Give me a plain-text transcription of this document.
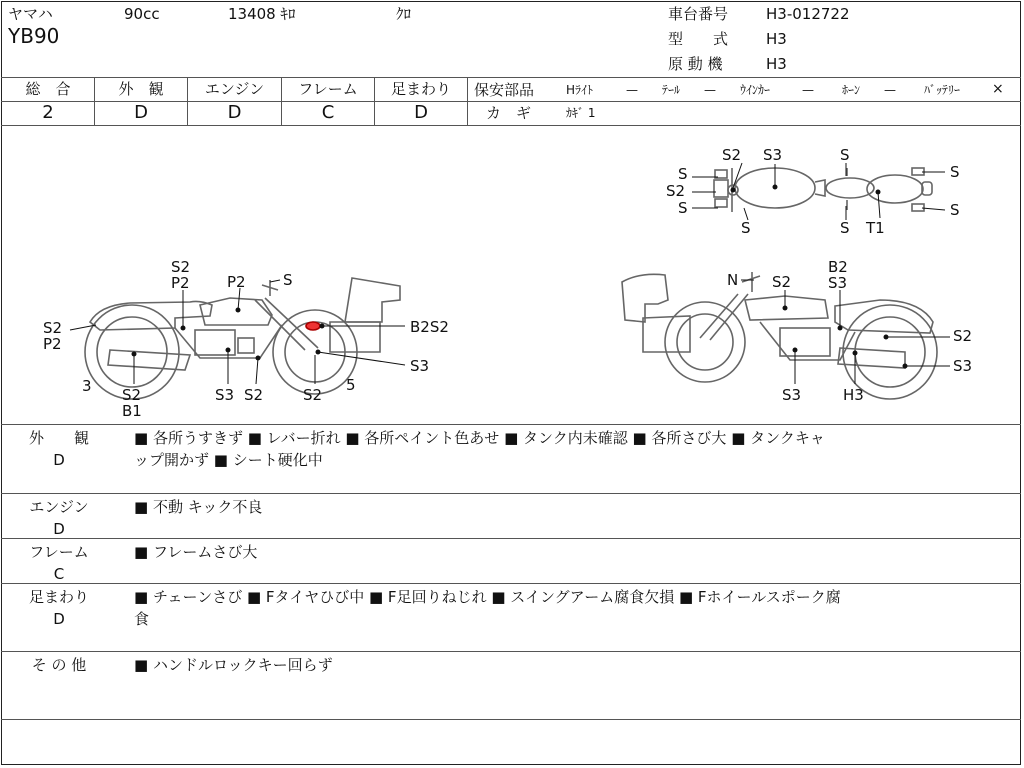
ヤマハ	90cc	13408 ｷﾛ	ｸﾛ
YB90
車台番号	H3-012722
型　　式	H3
原 動 機	H3
総　合	外　観	エンジン	フレーム	足まわり
2	D	D	C	D
保安部品	Hﾗｲﾄ	— ﾃｰﾙ — ｳｲﾝｶｰ	— ﾎｰﾝ — ﾊﾞｯﾃﾘｰ ×
カ　ギ	ｶｷﾞ 1
S
S2
S
S2 S3	S
S
S
S	S T1
S2
P2
S2
P2 P2 S
B2S2
S3
5
S2
S3 S2
3 S2
B1
N S2
B2
S3
S2
S3
S3	H3
外　　観
D
■ 各所うすきず ■ レバー折れ ■ 各所ペイント色あせ ■ タンク内未確認 ■ 各所さび大 ■ タンクキャ
ップ開かず ■ シート硬化中
エンジン
D
■ 不動 キック不良
フレーム
C
■ フレームさび大
足まわり
D
■ チェーンさび ■ Fタイヤひび中 ■ F足回りねじれ ■ スイングアーム腐食欠損 ■ Fホイールスポーク腐
食
そ の 他	■ ハンドルロックキー回らず
